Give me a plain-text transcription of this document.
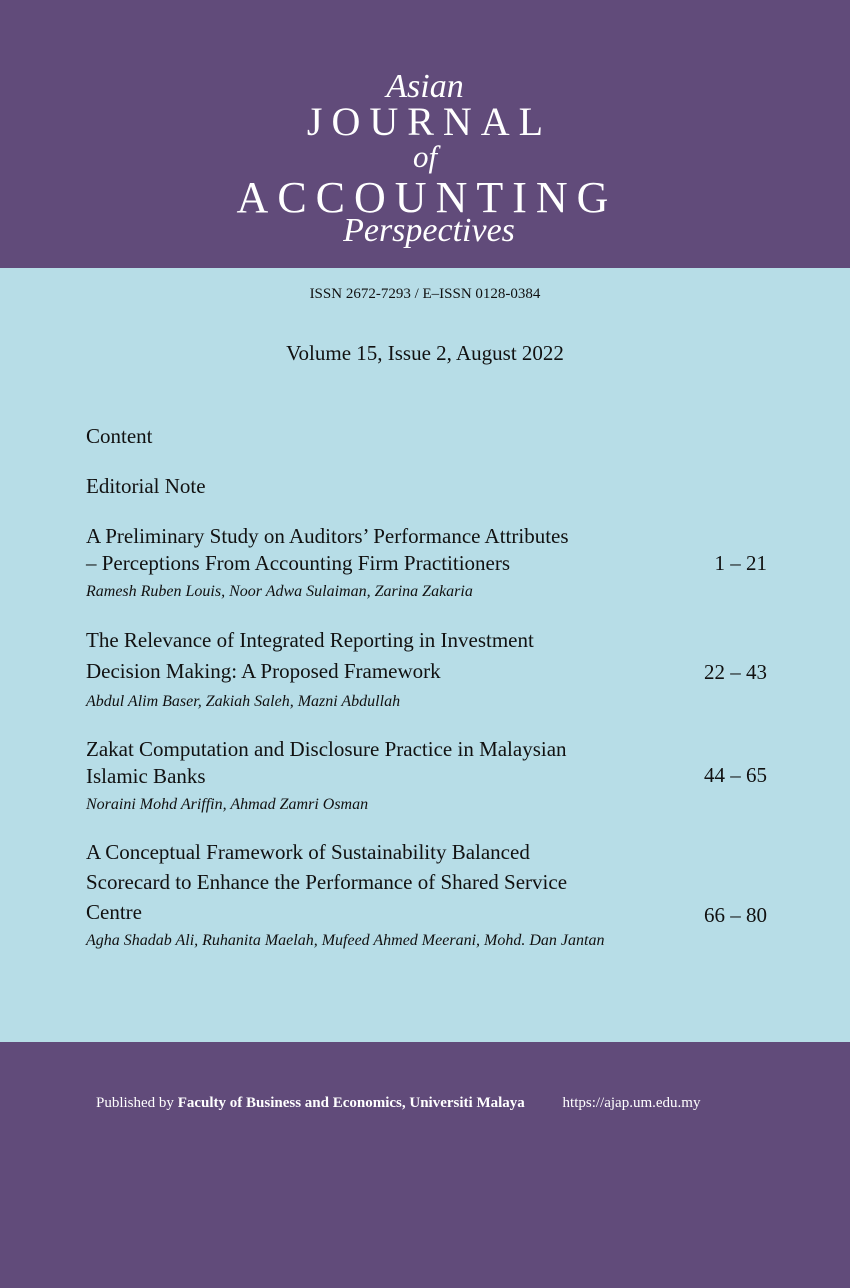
Asian
JOURNAL
of
ACCOUNTING
Perspectives
ISSN 2672-7293 / E–ISSN 0128-0384
Volume 15, Issue 2, August 2022
Content
Editorial Note
A Preliminary Study on Auditors’ Performance Attributes
– Perceptions From Accounting Firm Practitioners	1 – 21
Ramesh Ruben Louis, Noor Adwa Sulaiman, Zarina Zakaria
The Relevance of Integrated Reporting in Investment
Decision Making: A Proposed Framework	22 – 43
Abdul Alim Baser, Zakiah Saleh, Mazni Abdullah
Zakat Computation and Disclosure Practice in Malaysian
Islamic Banks	44 – 65
Noraini Mohd Ariffin, Ahmad Zamri Osman
A Conceptual Framework of Sustainability Balanced
Scorecard to Enhance the Performance of Shared Service
Centre	66 – 80
Agha Shadab Ali, Ruhanita Maelah, Mufeed Ahmed Meerani, Mohd. Dan Jantan
Published by Faculty of Business and Economics, Universiti Malaya	https://ajap.um.edu.my
